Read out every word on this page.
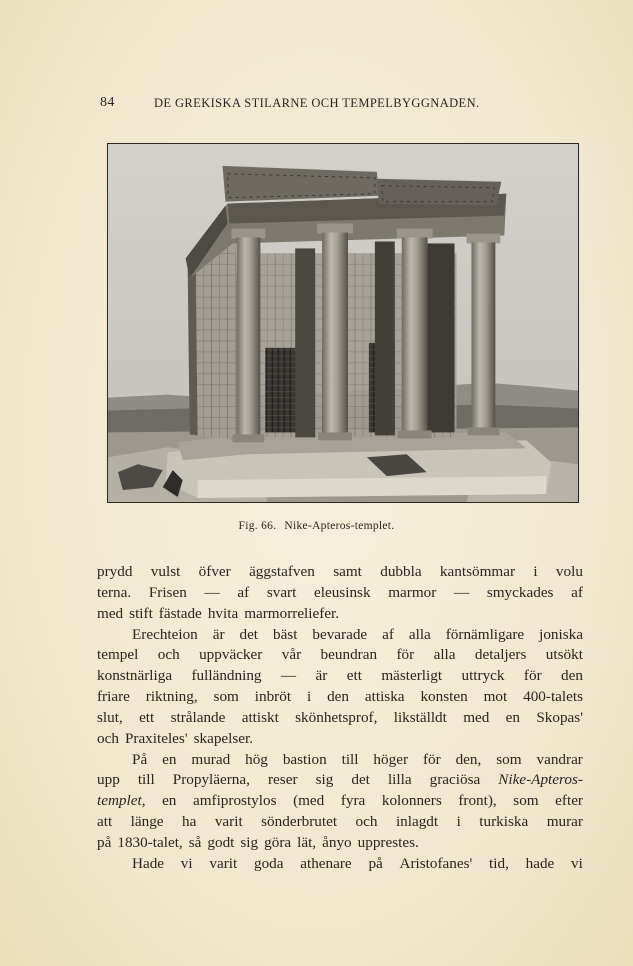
84	DE GREKISKA STILARNE OCH TEMPELBYGGNADEN.
Fig. 66. Nike-Apteros-templet.
prydd vulst öfver äggstafven samt dubbla kantsömmar i volu
terna. Frisen — af svart eleusinsk marmor — smyckades af
med stift fästade hvita marmorreliefer.
Erechteion är det bäst bevarade af alla förnämligare joniska
tempel och uppväcker vår beundran för alla detaljers utsökt
konstnärliga fulländning — är ett mästerligt uttryck för den
friare riktning, som inbröt i den attiska konsten mot 400-talets
slut, ett strålande attiskt skönhetsprof, likställdt med en Skopas'
och Praxiteles' skapelser.
På en murad hög bastion till höger för den, som vandrar
upp till Propyläerna, reser sig det lilla graciösa Nike-Apteros-
templet, en amfiprostylos (med fyra kolonners front), som efter
att länge ha varit sönderbrutet och inlagdt i turkiska murar
på 1830-talet, så godt sig göra lät, ånyo upprestes.
Hade vi varit goda athenare på Aristofanes' tid, hade vi
